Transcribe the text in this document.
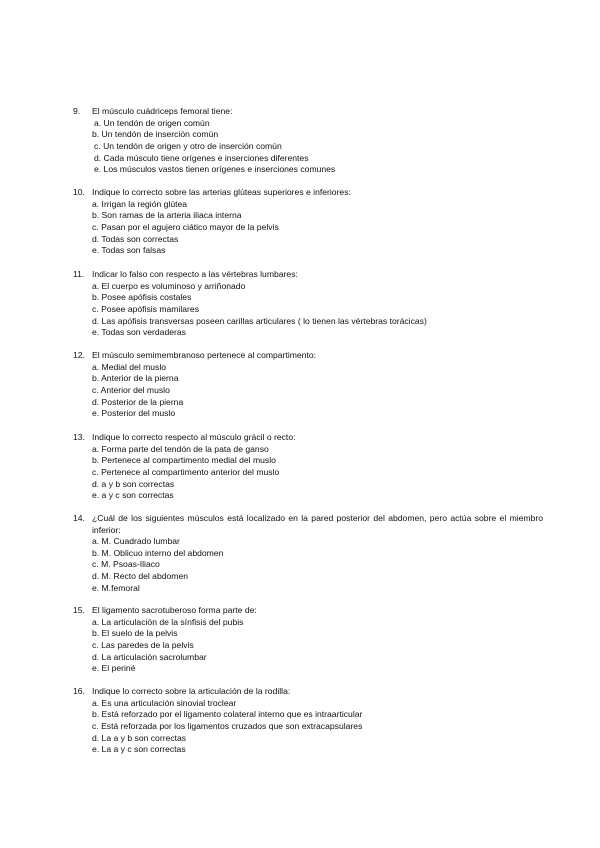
9.	El músculo cuádriceps femoral tiene:
a. Un tendón de origen común
b. Un tendón de inserción común
c. Un tendón de origen y otro de inserción común
d. Cada músculo tiene orígenes e inserciones diferentes
e. Los músculos vastos tienen orígenes e inserciones comunes
10. Indique lo correcto sobre las arterias glúteas superiores e inferiores:
a. Irrigan la región glútea
b. Son ramas de la arteria iliaca interna
c. Pasan por el agujero ciático mayor de la pelvis
d. Todas son correctas
e. Todas son falsas
11. Indicar lo falso con respecto a las vértebras lumbares:
a. El cuerpo es voluminoso y arriñonado
b. Posee apófisis costales
c. Posee apófisis mamilares
d. Las apófisis transversas poseen carillas articulares ( lo tienen las vértebras torácicas)
e. Todas son verdaderas
12. El músculo semimembranoso pertenece al compartimento:
a. Medial del muslo
b. Anterior de la pierna
c. Anterior del muslo
d. Posterior de la pierna
e. Posterior del muslo
13. Indique lo correcto respecto al músculo grácil o recto:
a. Forma parte del tendón de la pata de ganso
b. Pertenece al compartimento medial del muslo
c. Pertenece al compartimento anterior del muslo
d. a y b son correctas
e. a y c son correctas
14. ¿Cuál de los siguientes músculos está localizado en la pared posterior del abdomen, pero actúa sobre el miembro inferior:
a. M. Cuadrado lumbar
b. M. Oblicuo interno del abdomen
c. M. Psoas-Iliaco
d. M. Recto del abdomen
e. M.femoral
15. El ligamento sacrotuberoso forma parte de:
a. La articulación de la sínfisis del pubis
b. El suelo de la pelvis
c. Las paredes de la pelvis
d. La articulación sacrolumbar
e. El periné
16. Indique lo correcto sobre la articulación de la rodilla:
a. Es una articulación sinovial troclear
b. Está reforzado por el ligamento colateral interno que es intraarticular
c. Está reforzada por los ligamentos cruzados que son extracapsulares
d. La a y b son correctas
e. La a y c son correctas
